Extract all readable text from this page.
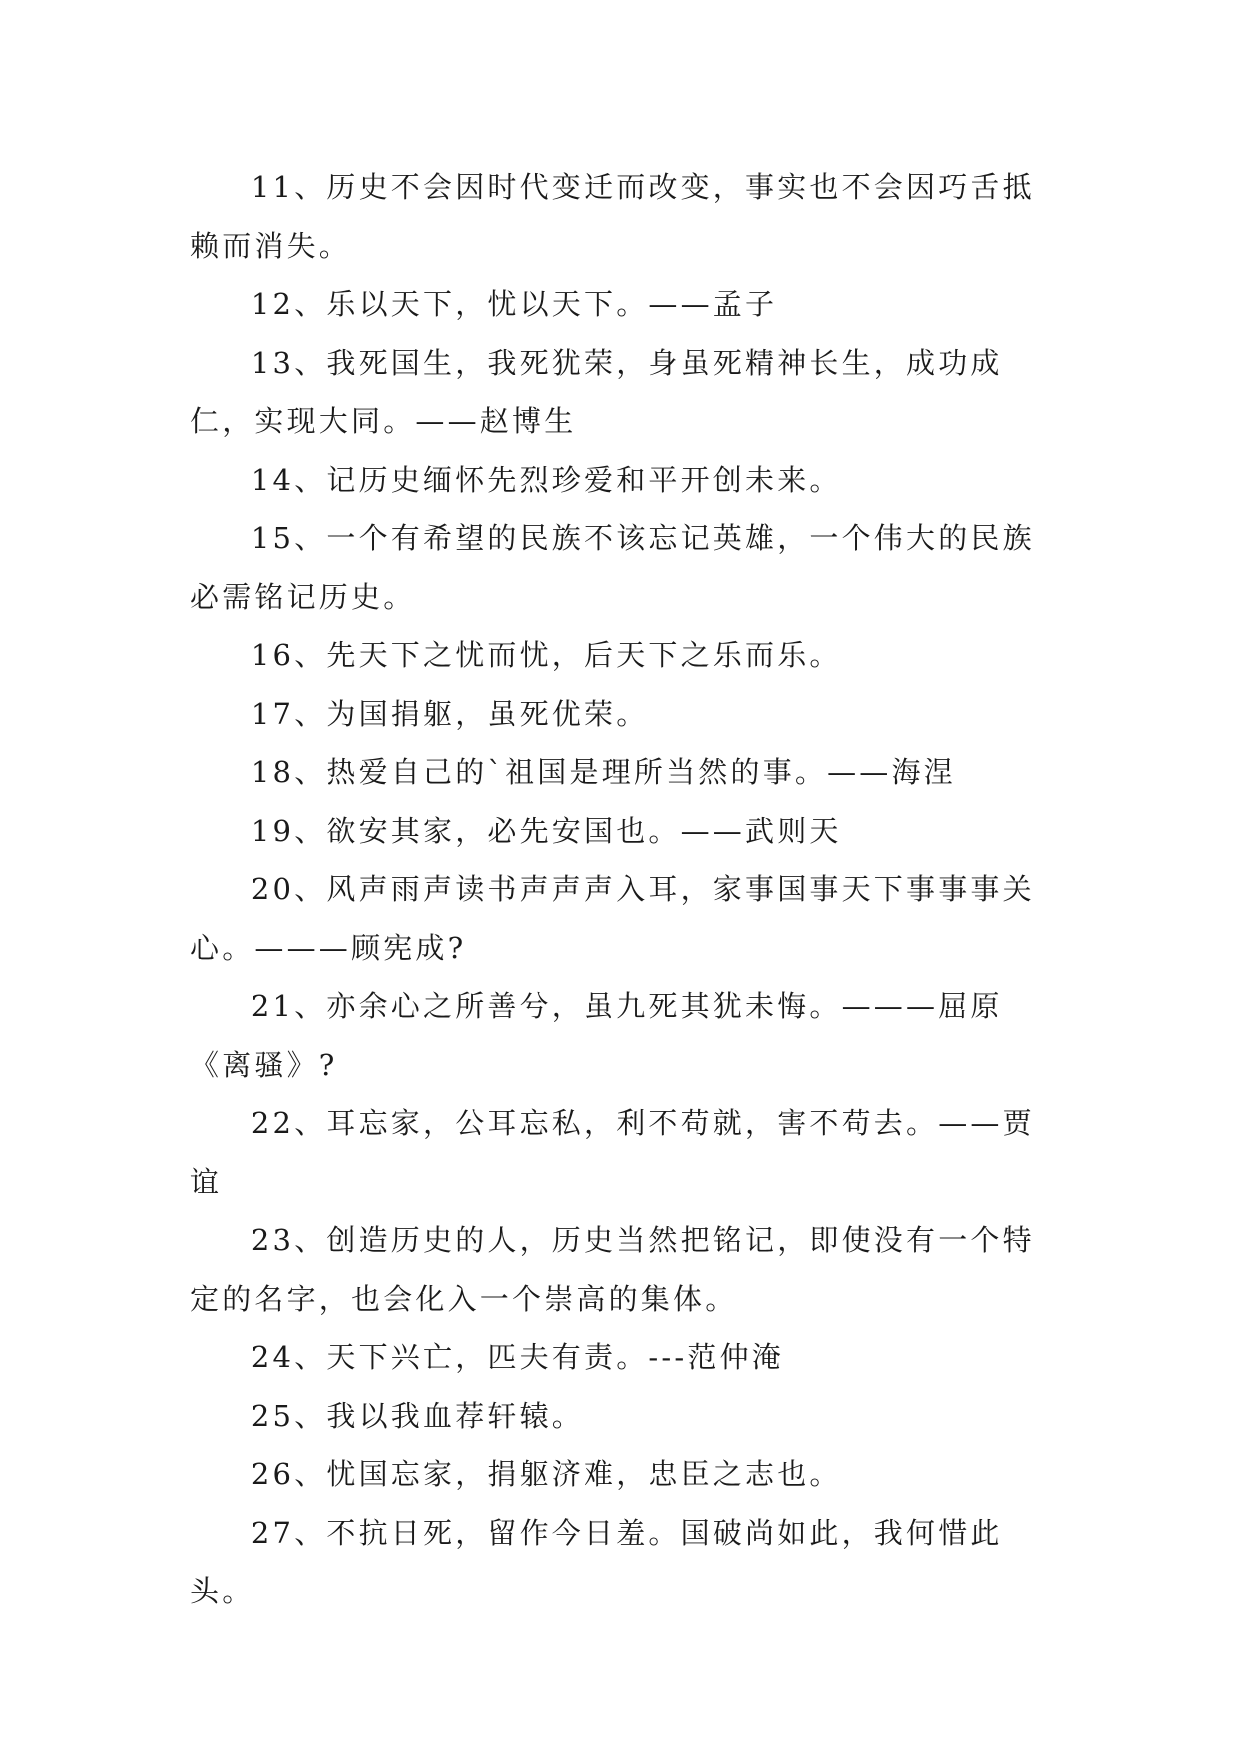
11、历史不会因时代变迁而改变，事实也不会因巧舌抵赖而消失。

12、乐以天下，忧以天下。——孟子

13、我死国生，我死犹荣，身虽死精神长生，成功成仁，实现大同。——赵博生

14、记历史缅怀先烈珍爱和平开创未来。

15、一个有希望的民族不该忘记英雄，一个伟大的民族必需铭记历史。

16、先天下之忧而忧，后天下之乐而乐。

17、为国捐躯，虽死优荣。

18、热爱自己的`祖国是理所当然的事。——海涅

19、欲安其家，必先安国也。——武则天

20、风声雨声读书声声声入耳，家事国事天下事事事关心。———顾宪成?

21、亦余心之所善兮，虽九死其犹未悔。———屈原《离骚》?

22、耳忘家，公耳忘私，利不苟就，害不苟去。——贾谊

23、创造历史的人，历史当然把铭记，即使没有一个特定的名字，也会化入一个崇高的集体。

24、天下兴亡，匹夫有责。---范仲淹

25、我以我血荐轩辕。

26、忧国忘家，捐躯济难，忠臣之志也。

27、不抗日死，留作今日羞。国破尚如此，我何惜此头。
